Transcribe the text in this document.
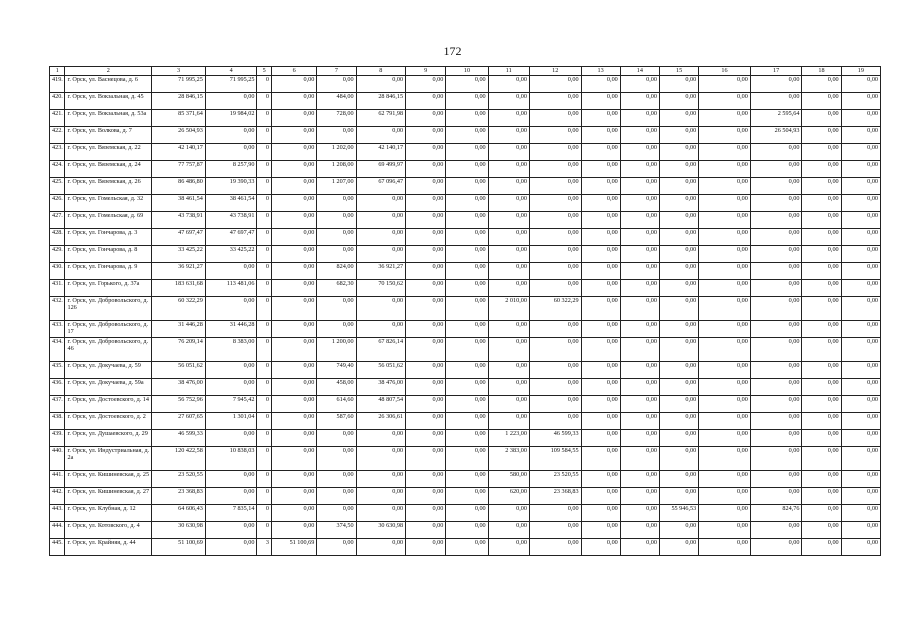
172
1	2	3	4	5	6	7	8	9	10	11	12	13	14	15	16	17	18	19
419.	г. Орск, ул. Васнецова, д. 6	71 995,25	71 995,25	0	0,00	0,00	0,00	0,00	0,00	0,00	0,00	0,00	0,00	0,00	0,00	0,00	0,00	0,00
420.	г. Орск, ул. Вокзальная, д. 45	28 846,15	0,00	0	0,00	484,00	28 846,15	0,00	0,00	0,00	0,00	0,00	0,00	0,00	0,00	0,00	0,00	0,00
421.	г. Орск, ул. Вокзальная, д. 53а	85 371,64	19 984,02	0	0,00	728,00	62 791,98	0,00	0,00	0,00	0,00	0,00	0,00	0,00	0,00	2 595,64	0,00	0,00
422.	г. Орск, ул. Волкова, д. 7	26 504,93	0,00	0	0,00	0,00	0,00	0,00	0,00	0,00	0,00	0,00	0,00	0,00	0,00	26 504,93	0,00	0,00
423.	г. Орск, ул. Вяземская, д. 22	42 140,17	0,00	0	0,00	1 202,00	42 140,17	0,00	0,00	0,00	0,00	0,00	0,00	0,00	0,00	0,00	0,00	0,00
424.	г. Орск, ул. Вяземская, д. 24	77 757,87	8 257,90	0	0,00	1 208,00	69 499,97	0,00	0,00	0,00	0,00	0,00	0,00	0,00	0,00	0,00	0,00	0,00
425.	г. Орск, ул. Вяземская, д. 26	86 486,80	19 390,33	0	0,00	1 207,00	67 096,47	0,00	0,00	0,00	0,00	0,00	0,00	0,00	0,00	0,00	0,00	0,00
426.	г. Орск, ул. Гомельская, д. 32	38 461,54	38 461,54	0	0,00	0,00	0,00	0,00	0,00	0,00	0,00	0,00	0,00	0,00	0,00	0,00	0,00	0,00
427.	г. Орск, ул. Гомельская, д. 69	43 738,91	43 738,91	0	0,00	0,00	0,00	0,00	0,00	0,00	0,00	0,00	0,00	0,00	0,00	0,00	0,00	0,00
428.	г. Орск, ул. Гончарова, д. 3	47 697,47	47 697,47	0	0,00	0,00	0,00	0,00	0,00	0,00	0,00	0,00	0,00	0,00	0,00	0,00	0,00	0,00
429.	г. Орск, ул. Гончарова, д. 8	33 425,22	33 425,22	0	0,00	0,00	0,00	0,00	0,00	0,00	0,00	0,00	0,00	0,00	0,00	0,00	0,00	0,00
430.	г. Орск, ул. Гончарова, д. 9	36 921,27	0,00	0	0,00	824,00	36 921,27	0,00	0,00	0,00	0,00	0,00	0,00	0,00	0,00	0,00	0,00	0,00
431.	г. Орск, ул. Горького, д. 37а	183 631,68	113 481,06	0	0,00	682,30	70 150,62	0,00	0,00	0,00	0,00	0,00	0,00	0,00	0,00	0,00	0,00	0,00
432.	г. Орск, ул. Добровольского, д. 126	60 322,29	0,00	0	0,00	0,00	0,00	0,00	0,00	2 010,00	60 322,29	0,00	0,00	0,00	0,00	0,00	0,00	0,00
433.	г. Орск, ул. Добровольского, д. 17	31 446,28	31 446,28	0	0,00	0,00	0,00	0,00	0,00	0,00	0,00	0,00	0,00	0,00	0,00	0,00	0,00	0,00
434.	г. Орск, ул. Добровольского, д. 46	76 209,14	8 383,00	0	0,00	1 200,00	67 826,14	0,00	0,00	0,00	0,00	0,00	0,00	0,00	0,00	0,00	0,00	0,00
435.	г. Орск, ул. Докучаева, д. 59	56 051,62	0,00	0	0,00	749,40	56 051,62	0,00	0,00	0,00	0,00	0,00	0,00	0,00	0,00	0,00	0,00	0,00
436.	г. Орск, ул. Докучаева, д. 59а	38 476,00	0,00	0	0,00	458,00	38 476,00	0,00	0,00	0,00	0,00	0,00	0,00	0,00	0,00	0,00	0,00	0,00
437.	г. Орск, ул. Достоевского, д. 14	56 752,96	7 945,42	0	0,00	614,60	48 807,54	0,00	0,00	0,00	0,00	0,00	0,00	0,00	0,00	0,00	0,00	0,00
438.	г. Орск, ул. Достоевского, д. 2	27 607,65	1 301,04	0	0,00	587,60	26 306,61	0,00	0,00	0,00	0,00	0,00	0,00	0,00	0,00	0,00	0,00	0,00
439.	г. Орск, ул. Душаевского, д. 29	46 599,33	0,00	0	0,00	0,00	0,00	0,00	0,00	1 223,00	46 599,33	0,00	0,00	0,00	0,00	0,00	0,00	0,00
440.	г. Орск, ул. Индустриальная, д. 2а	120 422,58	10 838,03	0	0,00	0,00	0,00	0,00	0,00	2 383,00	109 584,55	0,00	0,00	0,00	0,00	0,00	0,00	0,00
441.	г. Орск, ул. Кишиневская, д. 25	23 520,55	0,00	0	0,00	0,00	0,00	0,00	0,00	580,00	23 520,55	0,00	0,00	0,00	0,00	0,00	0,00	0,00
442.	г. Орск, ул. Кишиневская, д. 27	23 368,83	0,00	0	0,00	0,00	0,00	0,00	0,00	620,00	23 368,83	0,00	0,00	0,00	0,00	0,00	0,00	0,00
443.	г. Орск, ул. Клубная, д. 12	64 606,43	7 835,14	0	0,00	0,00	0,00	0,00	0,00	0,00	0,00	0,00	0,00	55 946,53	0,00	824,76	0,00	0,00
444.	г. Орск, ул. Котовского, д. 4	30 630,98	0,00	0	0,00	374,50	30 630,98	0,00	0,00	0,00	0,00	0,00	0,00	0,00	0,00	0,00	0,00	0,00
445.	г. Орск, ул. Крайняя, д. 44	51 100,69	0,00	3	51 100,69	0,00	0,00	0,00	0,00	0,00	0,00	0,00	0,00	0,00	0,00	0,00	0,00	0,00
